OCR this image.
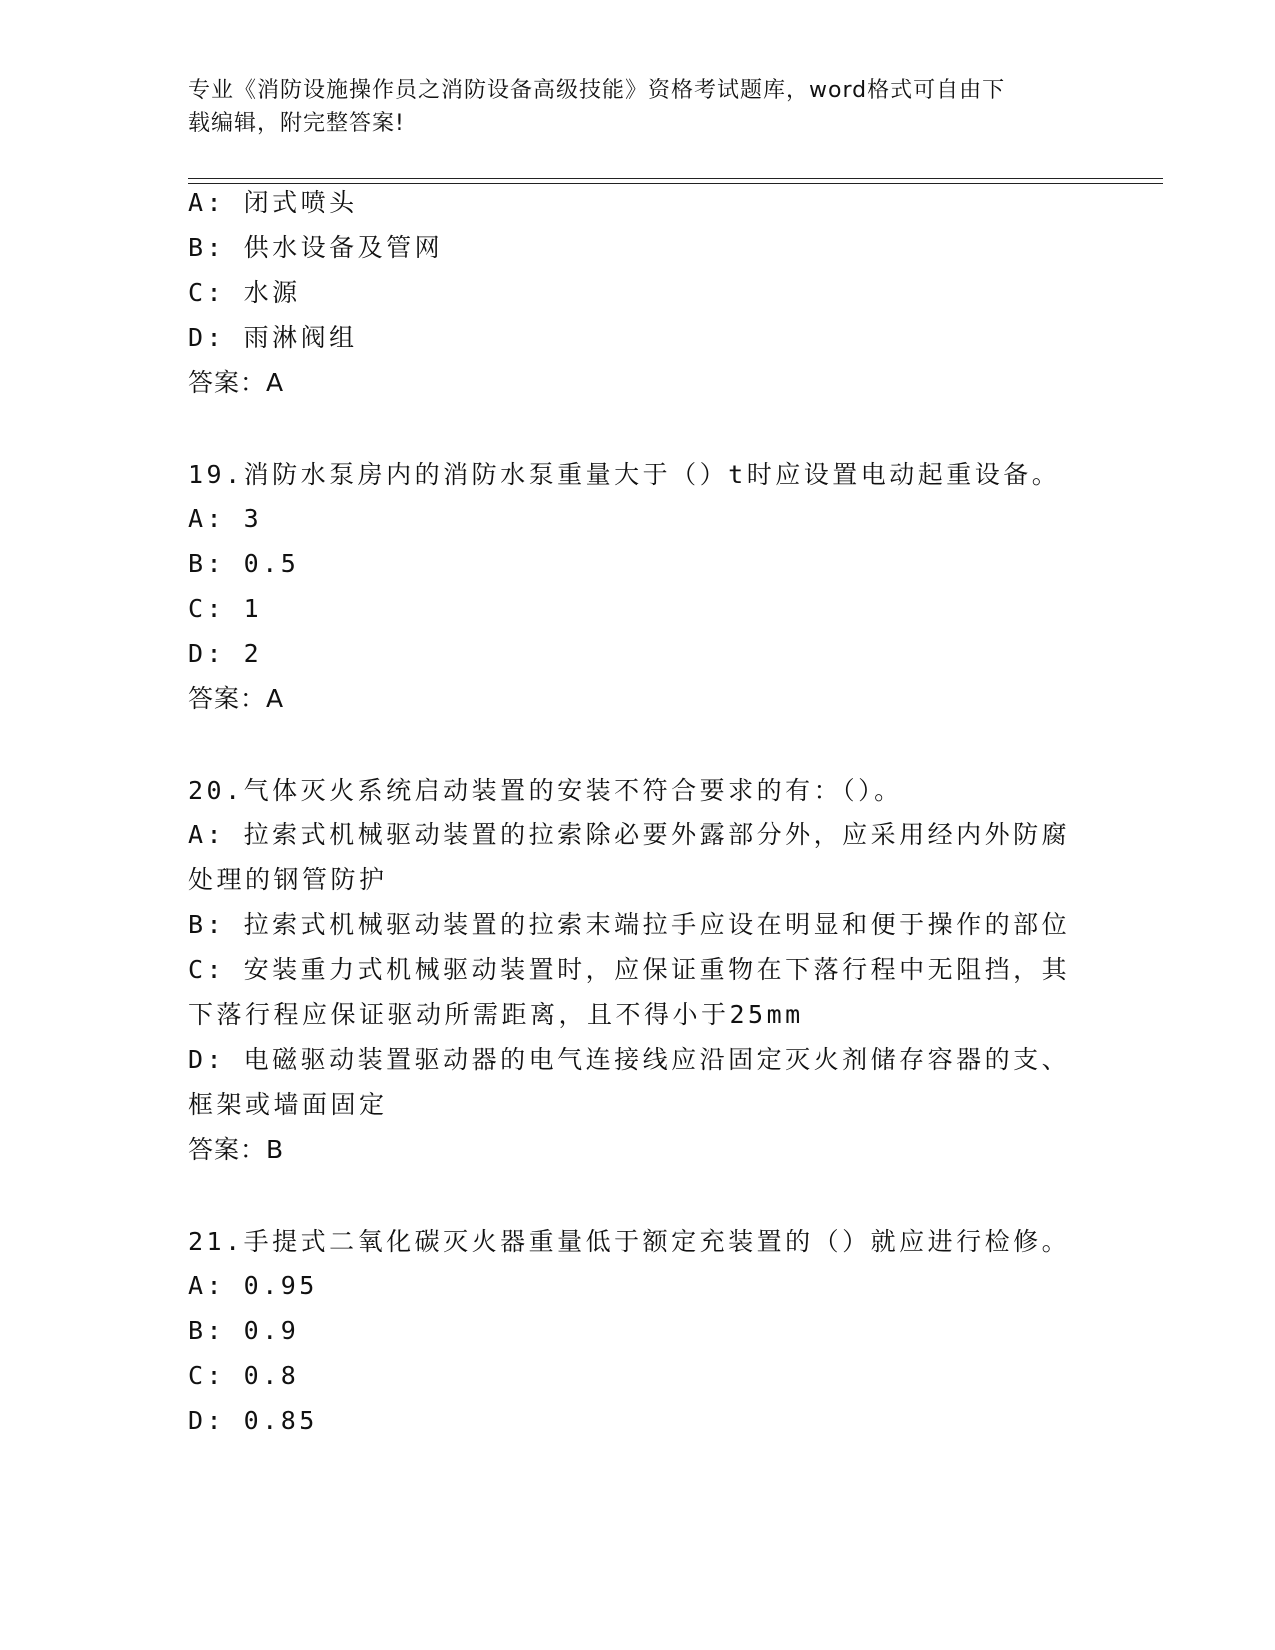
专业《消防设施操作员之消防设备高级技能》资格考试题库，word格式可自由下
载编辑，附完整答案!
A: 闭式喷头
B: 供水设备及管网
C: 水源
D: 雨淋阀组
答案：A
19.消防水泵房内的消防水泵重量大于（）t时应设置电动起重设备。
A: 3
B: 0.5
C: 1
D: 2
答案：A
20.气体灭火系统启动装置的安装不符合要求的有：（）。
A: 拉索式机械驱动装置的拉索除必要外露部分外，应采用经内外防腐
处理的钢管防护
B: 拉索式机械驱动装置的拉索末端拉手应设在明显和便于操作的部位
C: 安装重力式机械驱动装置时，应保证重物在下落行程中无阻挡，其
下落行程应保证驱动所需距离，且不得小于25mm
D: 电磁驱动装置驱动器的电气连接线应沿固定灭火剂储存容器的支、
框架或墙面固定
答案：B
21.手提式二氧化碳灭火器重量低于额定充装置的（）就应进行检修。
A: 0.95
B: 0.9
C: 0.8
D: 0.85
